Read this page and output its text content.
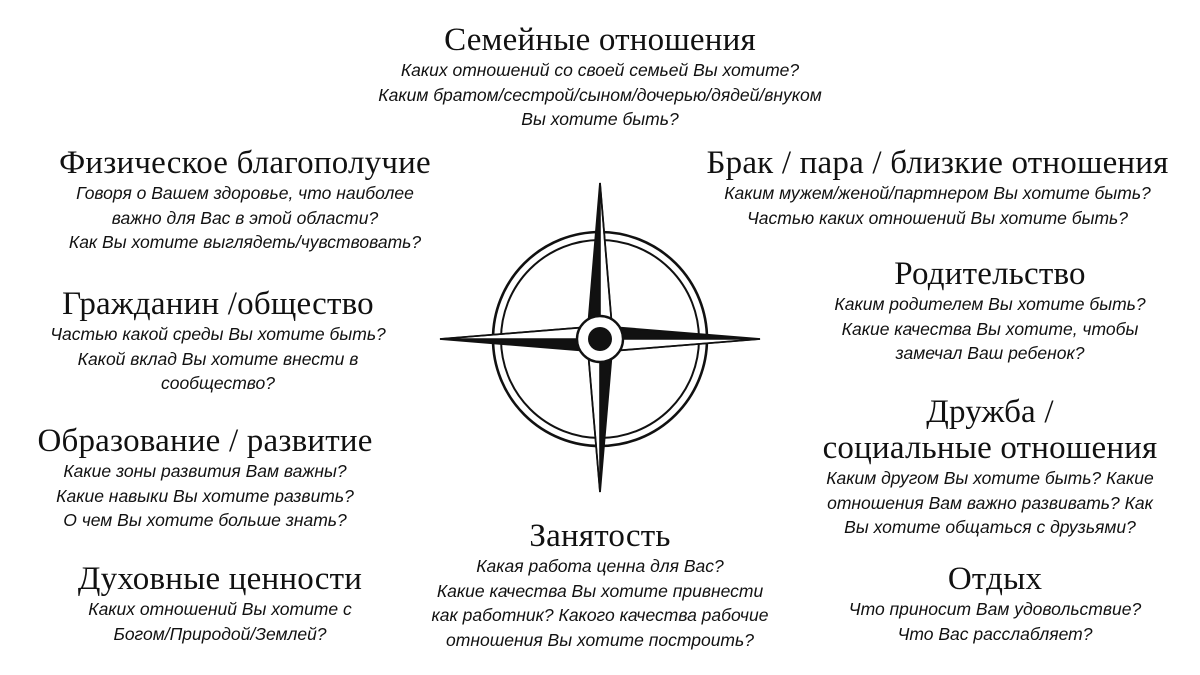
Семейные отношения
Каких отношений со своей семьей Вы хотите?
Каким братом/сестрой/сыном/дочерью/дядей/внуком
Вы хотите быть?
Физическое благополучие
Говоря о Вашем здоровье, что наиболее
важно для Вас в этой области?
Как Вы хотите выглядеть/чувствовать?
Брак / пара / близкие отношения
Каким мужем/женой/партнером Вы хотите быть?
Частью каких отношений Вы хотите быть?
Гражданин /общество
Частью какой среды Вы хотите быть?
Какой вклад Вы хотите внести в
сообщество?
Родительство
Каким родителем Вы хотите быть?
Какие качества Вы хотите, чтобы
замечал Ваш ребенок?
Образование / развитие
Какие зоны развития Вам важны?
Какие навыки Вы хотите развить?
О чем Вы хотите больше знать?
Дружба /
социальные отношения
Каким другом Вы хотите быть? Какие
отношения Вам важно развивать? Как
Вы хотите общаться с друзьями?
Занятость
Какая работа ценна для Вас?
Какие качества Вы хотите привнести
как работник? Какого качества рабочие
отношения Вы хотите построить?
Духовные ценности
Каких отношений Вы хотите с
Богом/Природой/Землей?
Отдых
Что приносит Вам удовольствие?
Что Вас расслабляет?
